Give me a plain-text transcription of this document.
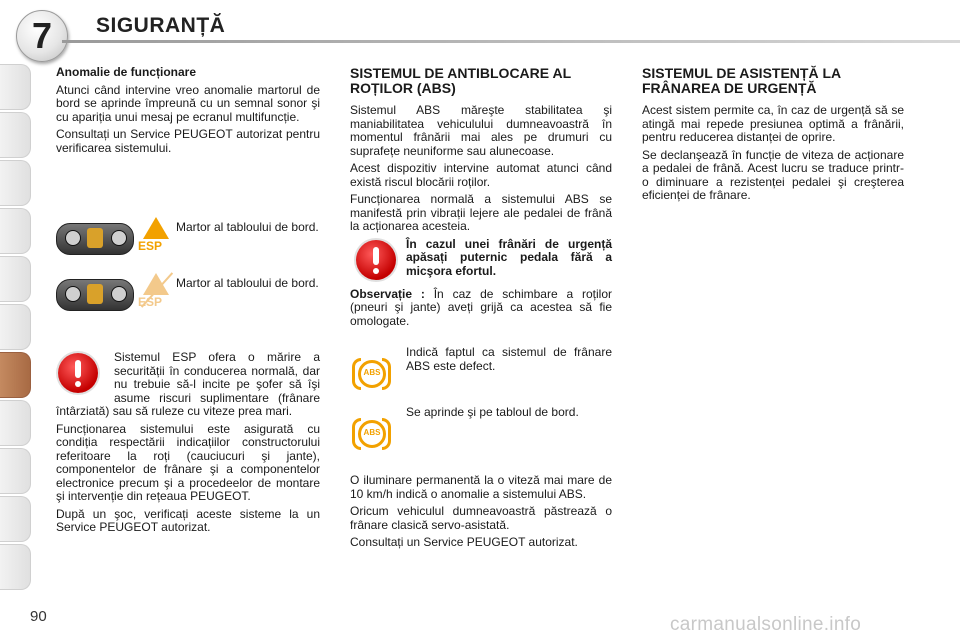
7 SIGURANȚĂ
Anomalie de funcționare

Atunci când intervine vreo anomalie martorul de bord se aprinde împreună cu un semnal sonor şi cu apariția unui mesaj pe ecranul multifuncție.

Consultați un Service PEUGEOT autorizat pentru verificarea sistemului.

ESP
Martor al tabloului de bord.
ESP
Martor al tabloului de bord.

Sistemul ESP ofera o mărire a securității în conducerea normală, dar nu trebuie să-l incite pe şofer să îşi asume riscuri suplimentare (frânare întârziată) sau să ruleze cu viteze prea mari.

Funcționarea sistemului este asigurată cu condiția respectării indicațiilor constructorului referitoare la roți (cauciucuri şi jante), componentelor de frânare şi a componentelor electronice precum şi a procedeelor de montare şi intervenție din rețeaua PEUGEOT.

După un şoc, verificați aceste sisteme la un Service PEUGEOT autorizat.

SISTEMUL DE ANTIBLOCARE AL ROȚILOR (ABS)

Sistemul ABS măreşte stabilitatea şi maniabilitatea vehiculului dumneavoastră în momentul frânării mai ales pe drumuri cu suprafețe neuniforme sau alunecoase.

Acest dispozitiv intervine automat atunci când există riscul blocării roților.

Funcționarea normală a sistemului ABS se manifestă prin vibrații lejere ale pedalei de frână la acționarea acesteia.

În cazul unei frânări de urgență apăsați puternic pedala fără a micşora efortul.

Observație : În caz de schimbare a roților (pneuri şi jante) aveți grijă ca acestea să fie omologate.

ABS

Indică faptul ca sistemul de frânare ABS este defect.

ABS

Se aprinde şi pe tabloul de bord.

O iluminare permanentă la o viteză mai mare de 10 km/h indică o anomalie a sistemului ABS.

Oricum vehiculul dumneavoastră păstrează o frânare clasică servo-asistată.

Consultați un Service PEUGEOT autorizat.

SISTEMUL DE ASISTENȚĂ LA FRÂNAREA DE URGENȚĂ

Acest sistem permite ca, în caz de urgență să se atingă mai repede presiunea optimă a frânării, pentru reducerea distanței de oprire.

Se declanşează în funcție de viteza de acționare a pedalei de frână. Acest lucru se traduce printr-o diminuare a rezistenței pedalei şi creşterea eficienței de frânare.

90	carmanualsonline.info
